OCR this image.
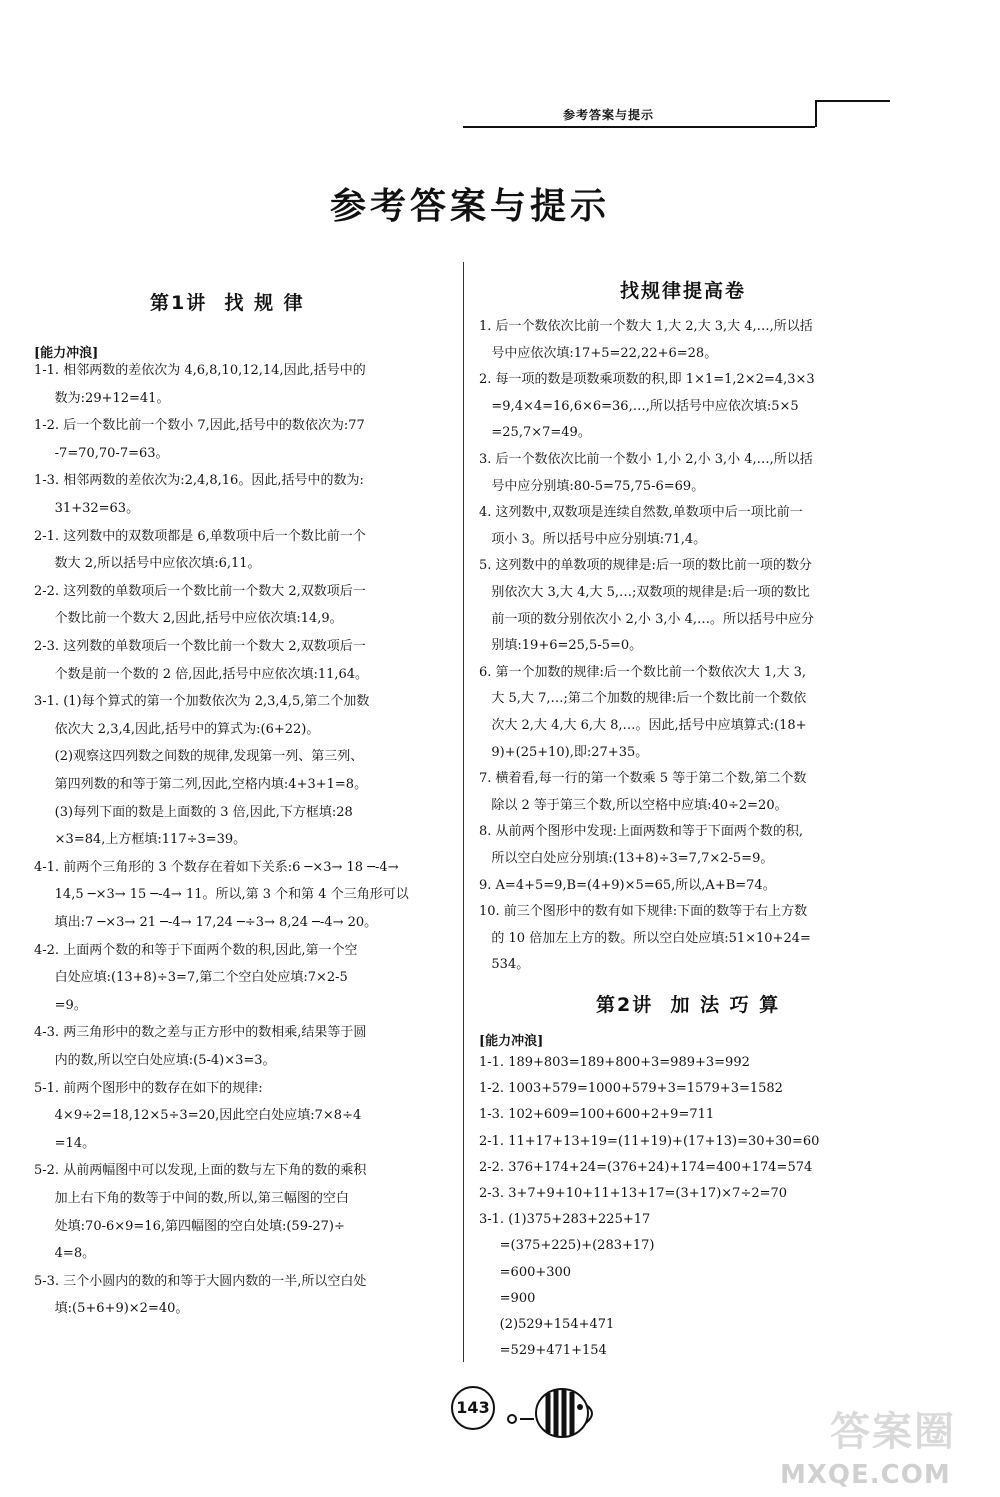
参考答案与提示
参考答案与提示
第1讲  找 规 律
[能力冲浪]
1-1. 相邻两数的差依次为 4,6,8,10,12,14,因此,括号中的
数为:29+12=41。
1-2. 后一个数比前一个数小 7,因此,括号中的数依次为:77
-7=70,70-7=63。
1-3. 相邻两数的差依次为:2,4,8,16。因此,括号中的数为:
31+32=63。
2-1. 这列数中的双数项都是 6,单数项中后一个数比前一个
数大 2,所以括号中应依次填:6,11。
2-2. 这列数的单数项后一个数比前一个数大 2,双数项后一
个数比前一个数大 2,因此,括号中应依次填:14,9。
2-3. 这列数的单数项后一个数比前一个数大 2,双数项后一
个数是前一个数的 2 倍,因此,括号中应依次填:11,64。
3-1. (1)每个算式的第一个加数依次为 2,3,4,5,第二个加数
依次大 2,3,4,因此,括号中的算式为:(6+22)。
(2)观察这四列数之间数的规律,发现第一列、第三列、
第四列数的和等于第二列,因此,空格内填:4+3+1=8。
(3)每列下面的数是上面数的 3 倍,因此,下方框填:28
×3=84,上方框填:117÷3=39。
4-1. 前两个三角形的 3 个数存在着如下关系:6 ─×3→ 18 ─-4→
14,5 ─×3→ 15 ─-4→ 11。所以,第 3 个和第 4 个三角形可以
填出:7 ─×3→ 21 ─-4→ 17,24 ─÷3→ 8,24 ─-4→ 20。
4-2. 上面两个数的和等于下面两个数的积,因此,第一个空
白处应填:(13+8)÷3=7,第二个空白处应填:7×2-5
=9。
4-3. 两三角形中的数之差与正方形中的数相乘,结果等于圆
内的数,所以空白处应填:(5-4)×3=3。
5-1. 前两个图形中的数存在如下的规律:
4×9÷2=18,12×5÷3=20,因此空白处应填:7×8÷4
=14。
5-2. 从前两幅图中可以发现,上面的数与左下角的数的乘积
加上右下角的数等于中间的数,所以,第三幅图的空白
处填:70-6×9=16,第四幅图的空白处填:(59-27)÷
4=8。
5-3. 三个小圆内的数的和等于大圆内数的一半,所以空白处
填:(5+6+9)×2=40。
找规律提高卷
1. 后一个数依次比前一个数大 1,大 2,大 3,大 4,…,所以括
号中应依次填:17+5=22,22+6=28。
2. 每一项的数是项数乘项数的积,即 1×1=1,2×2=4,3×3
=9,4×4=16,6×6=36,…,所以括号中应依次填:5×5
=25,7×7=49。
3. 后一个数依次比前一个数小 1,小 2,小 3,小 4,…,所以括
号中应分别填:80-5=75,75-6=69。
4. 这列数中,双数项是连续自然数,单数项中后一项比前一
项小 3。所以括号中应分别填:71,4。
5. 这列数中的单数项的规律是:后一项的数比前一项的数分
别依次大 3,大 4,大 5,…;双数项的规律是:后一项的数比
前一项的数分别依次小 2,小 3,小 4,…。所以括号中应分
别填:19+6=25,5-5=0。
6. 第一个加数的规律:后一个数比前一个数依次大 1,大 3,
大 5,大 7,…;第二个加数的规律:后一个数比前一个数依
次大 2,大 4,大 6,大 8,…。因此,括号中应填算式:(18+
9)+(25+10),即:27+35。
7. 横着看,每一行的第一个数乘 5 等于第二个数,第二个数
除以 2 等于第三个数,所以空格中应填:40÷2=20。
8. 从前两个图形中发现:上面两数和等于下面两个数的积,
所以空白处应分别填:(13+8)÷3=7,7×2-5=9。
9. A=4+5=9,B=(4+9)×5=65,所以,A+B=74。
10. 前三个图形中的数有如下规律:下面的数等于右上方数
的 10 倍加左上方的数。所以空白处应填:51×10+24=
534。
第2讲  加 法 巧 算
[能力冲浪]
1-1. 189+803=189+800+3=989+3=992
1-2. 1003+579=1000+579+3=1579+3=1582
1-3. 102+609=100+600+2+9=711
2-1. 11+17+13+19=(11+19)+(17+13)=30+30=60
2-2. 376+174+24=(376+24)+174=400+174=574
2-3. 3+7+9+10+11+13+17=(3+17)×7÷2=70
3-1. (1)375+283+225+17
=(375+225)+(283+17)
=600+300
=900
(2)529+154+471
=529+471+154
143
答案圈
MXQE.COM
